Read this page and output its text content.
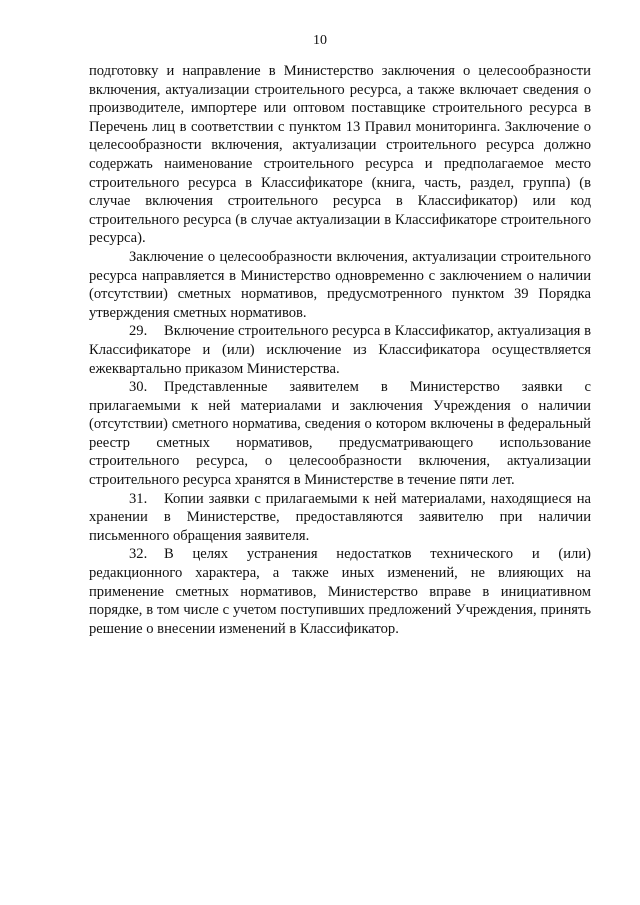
10

подготовку и направление в Министерство заключения о целесообразности включения, актуализации строительного ресурса, а также включает сведения о производителе, импортере или оптовом поставщике строительного ресурса в Перечень лиц в соответствии с пунктом 13 Правил мониторинга. Заключение о целесообразности включения, актуализации строительного ресурса должно содержать наименование строительного ресурса и предполагаемое место строительного ресурса в Классификаторе (книга, часть, раздел, группа) (в случае включения строительного ресурса в Классификатор) или код строительного ресурса (в случае актуализации в Классификаторе строительного ресурса).

Заключение о целесообразности включения, актуализации строительного ресурса направляется в Министерство одновременно с заключением о наличии (отсутствии) сметных нормативов, предусмотренного пунктом 39 Порядка утверждения сметных нормативов.

29. Включение строительного ресурса в Классификатор, актуализация в Классификаторе и (или) исключение из Классификатора осуществляется ежеквартально приказом Министерства.

30. Представленные заявителем в Министерство заявки с прилагаемыми к ней материалами и заключения Учреждения о наличии (отсутствии) сметного норматива, сведения о котором включены в федеральный реестр сметных нормативов, предусматривающего использование строительного ресурса, о целесообразности включения, актуализации строительного ресурса хранятся в Министерстве в течение пяти лет.

31. Копии заявки с прилагаемыми к ней материалами, находящиеся на хранении в Министерстве, предоставляются заявителю при наличии письменного обращения заявителя.

32. В целях устранения недостатков технического и (или) редакционного характера, а также иных изменений, не влияющих на применение сметных нормативов, Министерство вправе в инициативном порядке, в том числе с учетом поступивших предложений Учреждения, принять решение о внесении изменений в Классификатор.
